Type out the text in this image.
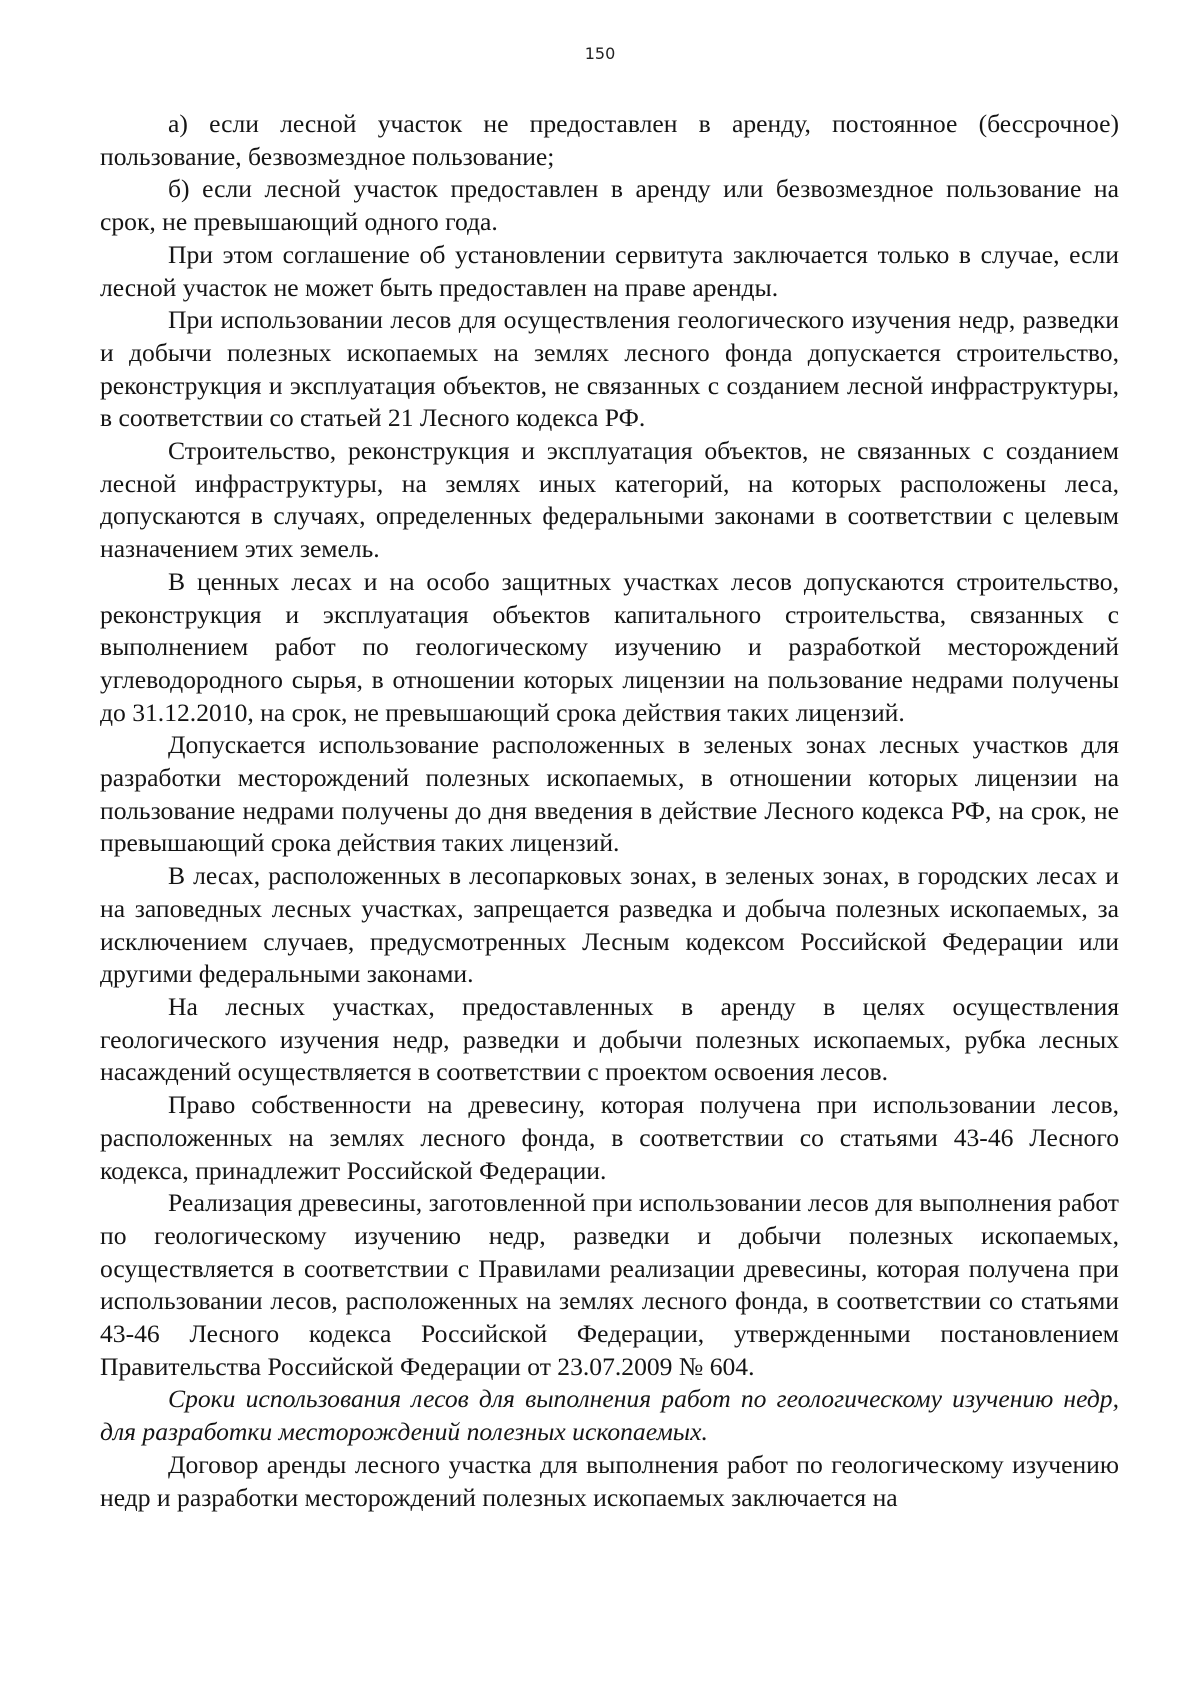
150

а) если лесной участок не предоставлен в аренду, постоянное (бессрочное) пользование, безвозмездное пользование;

б) если лесной участок предоставлен в аренду или безвозмездное пользование на срок, не превышающий одного года.

При этом соглашение об установлении сервитута заключается только в случае, если лесной участок не может быть предоставлен на праве аренды.

При использовании лесов для осуществления геологического изучения недр, разведки и добычи полезных ископаемых на землях лесного фонда допускается строительство, реконструкция и эксплуатация объектов, не связанных с созданием лесной инфраструктуры, в соответствии со статьей 21 Лесного кодекса РФ.

Строительство, реконструкция и эксплуатация объектов, не связанных с созданием лесной инфраструктуры, на землях иных категорий, на которых расположены леса, допускаются в случаях, определенных федеральными законами в соответствии с целевым назначением этих земель.

В ценных лесах и на особо защитных участках лесов допускаются строительство, реконструкция и эксплуатация объектов капитального строительства, связанных с выполнением работ по геологическому изучению и разработкой месторождений углеводородного сырья, в отношении которых лицензии на пользование недрами получены до 31.12.2010, на срок, не превышающий срока действия таких лицензий.

Допускается использование расположенных в зеленых зонах лесных участков для разработки месторождений полезных ископаемых, в отношении которых лицензии на пользование недрами получены до дня введения в действие Лесного кодекса РФ, на срок, не превышающий срока действия таких лицензий.

В лесах, расположенных в лесопарковых зонах, в зеленых зонах, в городских лесах и на заповедных лесных участках, запрещается разведка и добыча полезных ископаемых, за исключением случаев, предусмотренных Лесным кодексом Российской Федерации или другими федеральными законами.

На лесных участках, предоставленных в аренду в целях осуществления геологического изучения недр, разведки и добычи полезных ископаемых, рубка лесных насаждений осуществляется в соответствии с проектом освоения лесов.

Право собственности на древесину, которая получена при использовании лесов, расположенных на землях лесного фонда, в соответствии со статьями 43-46 Лесного кодекса, принадлежит Российской Федерации.

Реализация древесины, заготовленной при использовании лесов для выполнения работ по геологическому изучению недр, разведки и добычи полезных ископаемых, осуществляется в соответствии с Правилами реализации древесины, которая получена при использовании лесов, расположенных на землях лесного фонда, в соответствии со статьями 43-46 Лесного кодекса Российской Федерации, утвержденными постановлением Правительства Российской Федерации от 23.07.2009 № 604.

Сроки использования лесов для выполнения работ по геологическому изучению недр, для разработки месторождений полезных ископаемых.

Договор аренды лесного участка для выполнения работ по геологическому изучению недр и разработки месторождений полезных ископаемых заключается на
